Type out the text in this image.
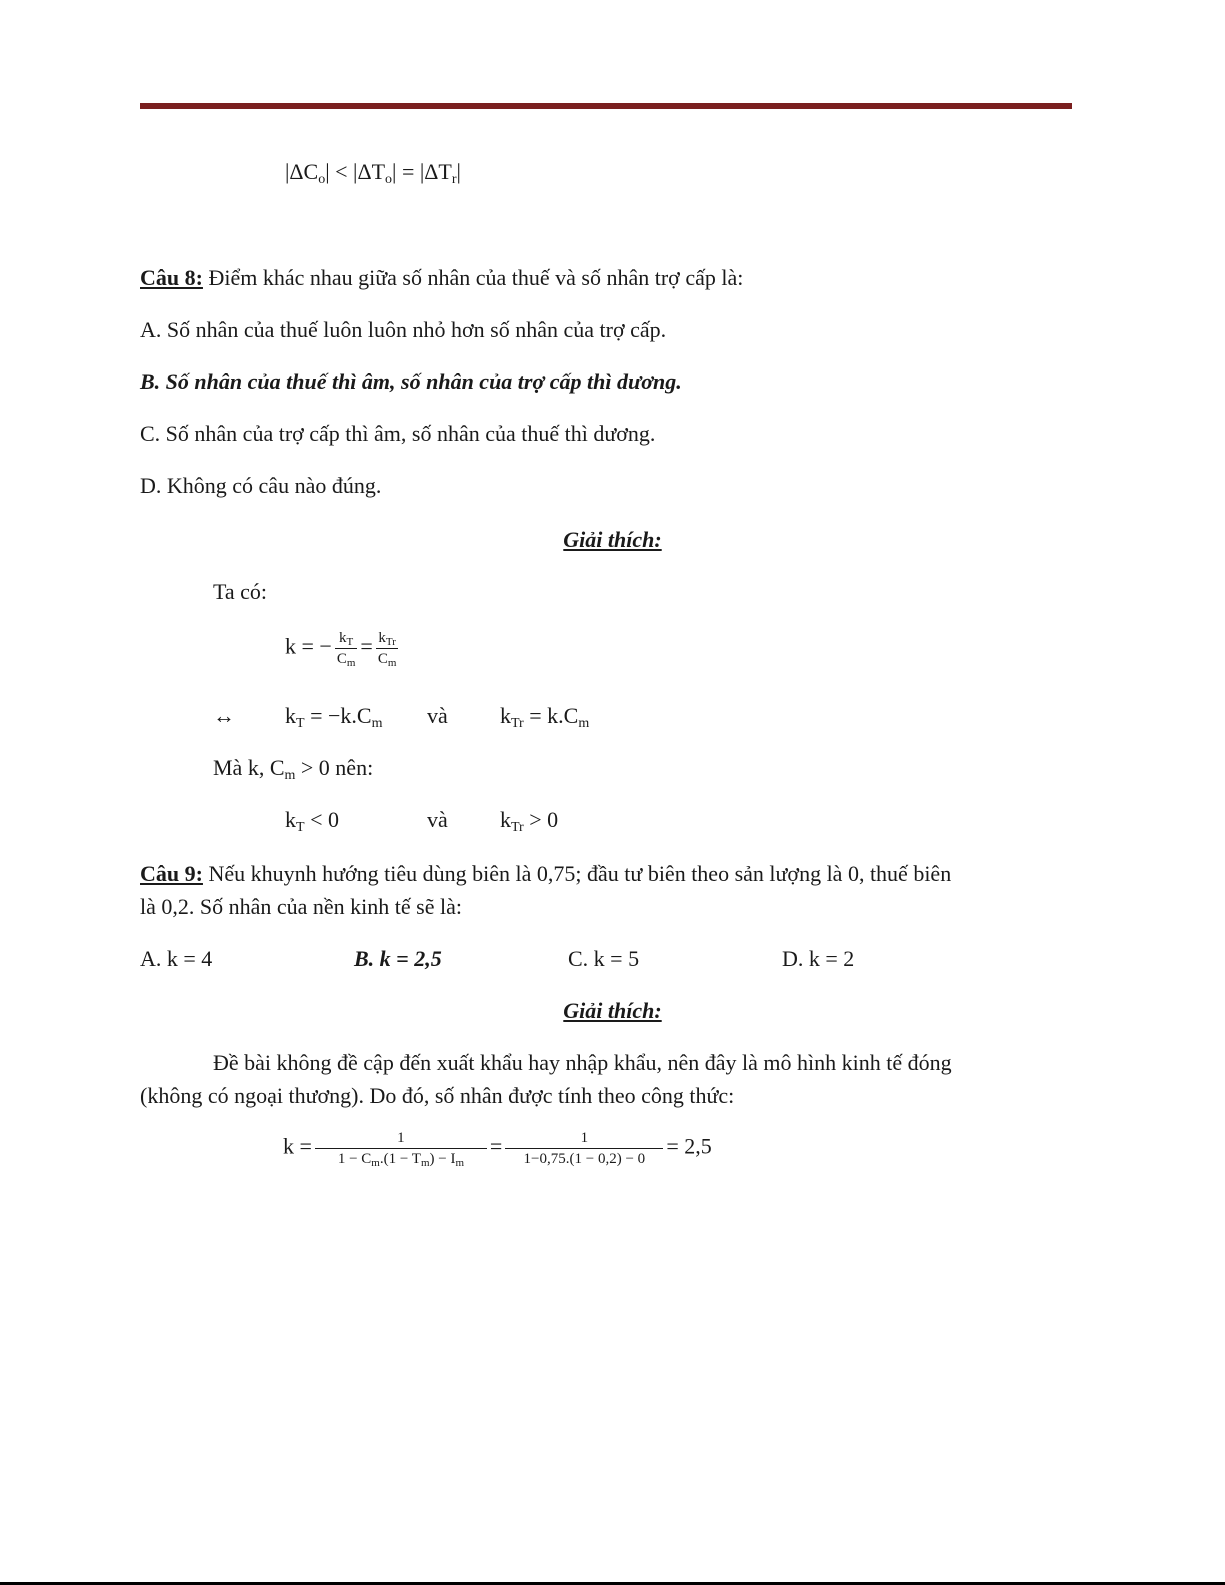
$|\Delta C_o| < |\Delta T_o| = |\Delta T_r|$
Câu 8: Điểm khác nhau giữa số nhân của thuế và số nhân trợ cấp là:
A. Số nhân của thuế luôn luôn nhỏ hơn số nhân của trợ cấp.
B. Số nhân của thuế thì âm, số nhân của trợ cấp thì dương.
C. Số nhân của trợ cấp thì âm, số nhân của thuế thì dương.
D. Không có câu nào đúng.
Giải thích:
Ta có:
k = − $\frac{k_T}{C_m} = \frac{k_{Tr}}{C_m}$
↔ $k_T = -k.C_m$ và $k_{Tr} = k.C_m$
Mà k, $C_m > 0$ nên:
$k_T < 0$	và $k_{Tr} > 0$
Câu 9: Nếu khuynh hướng tiêu dùng biên là 0,75; đầu tư biên theo sản lượng là 0, thuế biên
là 0,2. Số nhân của nền kinh tế sẽ là:
A. k = 4	B. k = 2,5	C. k = 5	D. k = 2
Giải thích:
Đề bài không đề cập đến xuất khẩu hay nhập khẩu, nên đây là mô hình kinh tế đóng
(không có ngoại thương). Do đó, số nhân được tính theo công thức:
$k = \frac{1}{1 - C_m.(1 - T_m) - I_m} = \frac{1}{1-0,75.(1 - 0,2) - 0} = 2,5$
